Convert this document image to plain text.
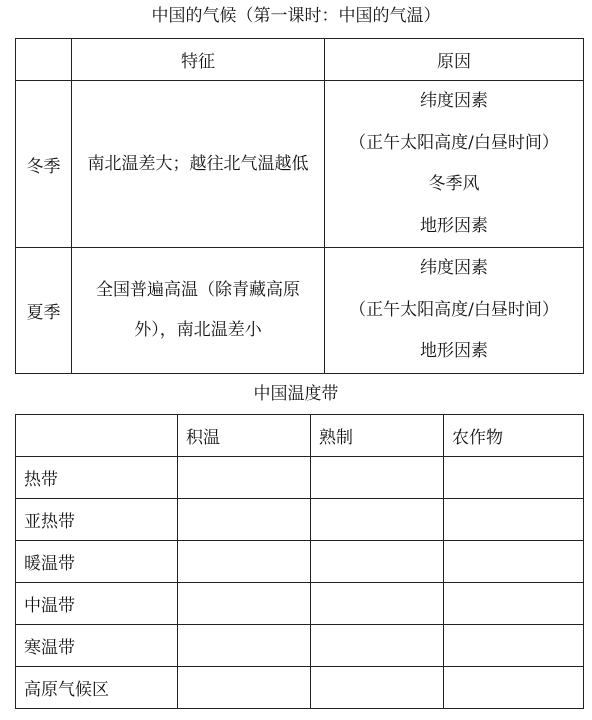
中国的气候（第一课时：中国的气温）
	特征	原因
冬季	南北温差大；越往北气温越低	纬度因素
（正午太阳高度/白昼时间）
冬季风
地形因素

夏季	全国普遍高温（除青藏高原外），南北温差小	纬度因素
（正午太阳高度/白昼时间）
地形因素
中国温度带
	积温	熟制	农作物
热带			
亚热带			
暖温带			
中温带			
寒温带			
高原气候区			
